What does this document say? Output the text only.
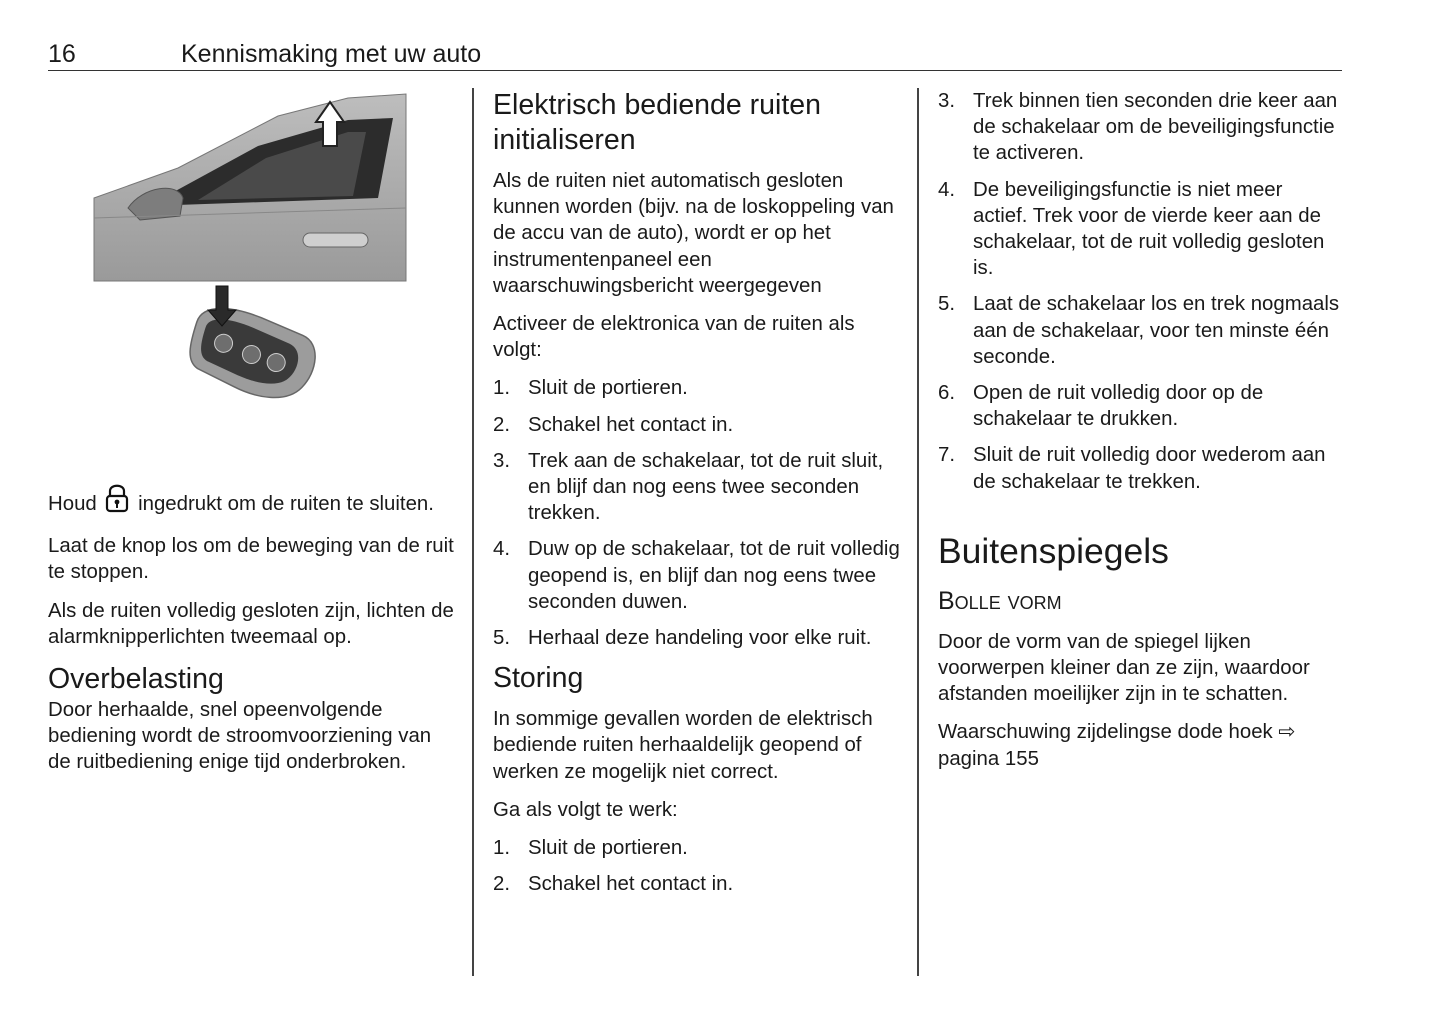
16	Kennismaking met uw auto

Houd ingedrukt om de ruiten te sluiten.

Laat de knop los om de beweging van de ruit te stoppen.

Als de ruiten volledig gesloten zijn, lichten de alarmknipperlichten tweemaal op.

Overbelasting

Door herhaalde, snel opeenvolgende bediening wordt de stroomvoorziening van de ruitbediening enige tijd onderbroken.

Elektrisch bediende ruiten initialiseren

Als de ruiten niet automatisch gesloten kunnen worden (bijv. na de loskoppeling van de accu van de auto), wordt er op het instrumentenpaneel een waarschuwingsbericht weergegeven

Activeer de elektronica van de ruiten als volgt:

1. Sluit de portieren.
2. Schakel het contact in.
3. Trek aan de schakelaar, tot de ruit sluit, en blijf dan nog eens twee seconden trekken.
4. Duw op de schakelaar, tot de ruit volledig geopend is, en blijf dan nog eens twee seconden duwen.
5. Herhaal deze handeling voor elke ruit.
Storing

In sommige gevallen worden de elektrisch bediende ruiten herhaaldelijk geopend of werken ze mogelijk niet correct.

Ga als volgt te werk:

1. Sluit de portieren.
2. Schakel het contact in.
3. Trek binnen tien seconden drie keer aan de schakelaar om de beveiligingsfunctie te activeren.
4. De beveiligingsfunctie is niet meer actief. Trek voor de vierde keer aan de schakelaar, tot de ruit volledig gesloten is.
5. Laat de schakelaar los en trek nogmaals aan de schakelaar, voor ten minste één seconde.
6. Open de ruit volledig door op de schakelaar te drukken.
7. Sluit de ruit volledig door wederom aan de schakelaar te trekken.
Buitenspiegels
Bolle vorm

Door de vorm van de spiegel lijken voorwerpen kleiner dan ze zijn, waardoor afstanden moeilijker zijn in te schatten.

Waarschuwing zijdelingse dode hoek ⇨ pagina 155
